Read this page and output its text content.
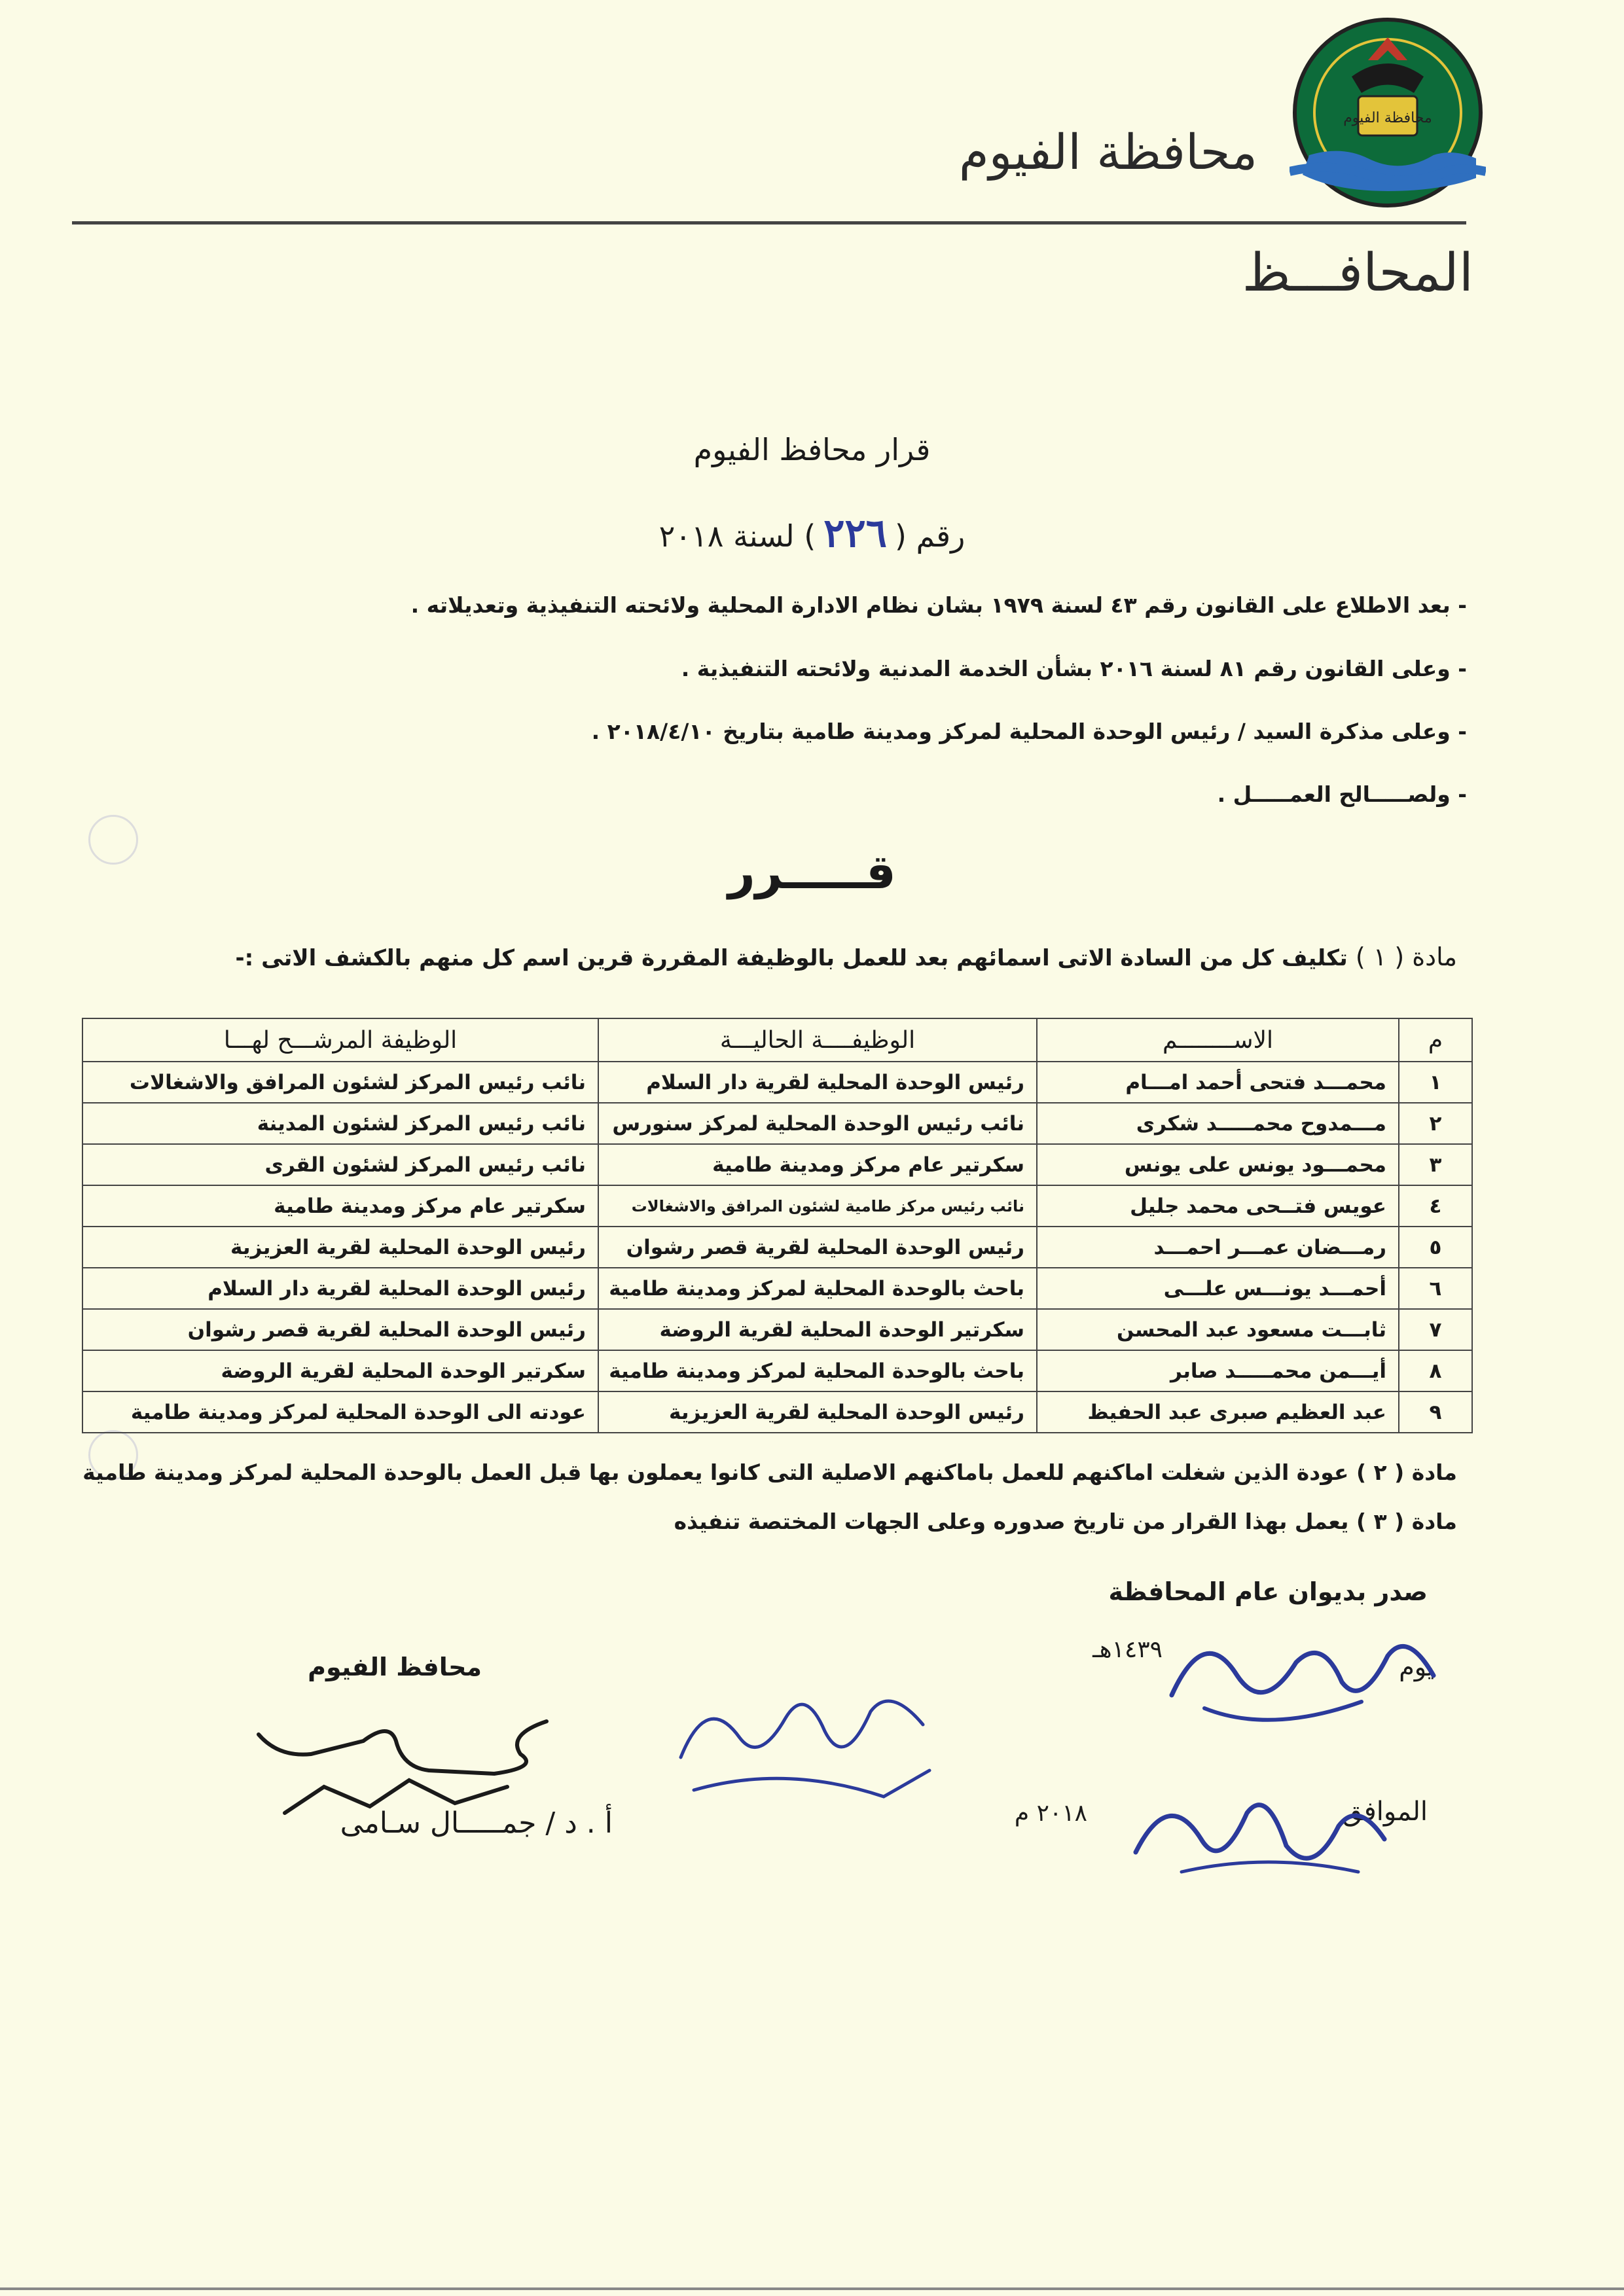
محافظة الفيوم
محافظة الفيوم
المحافـــظ
قرار محافظ الفيوم
رقم (٢٢٦) لسنة ٢٠١٨
- بعد الاطلاع على القانون رقم ٤٣ لسنة ١٩٧٩ بشان نظام الادارة المحلية ولائحته التنفيذية وتعديلاته .
- وعلى القانون رقم ٨١ لسنة ٢٠١٦ بشأن الخدمة المدنية ولائحته التنفيذية .
- وعلى مذكرة السيد / رئيس الوحدة المحلية لمركز ومدينة طامية بتاريخ ٢٠١٨/٤/١٠ .
- ولصـــــالح العمـــــل .
قـــــرر
مادة ( ١ ) تكليف كل من السادة الاتى اسمائهم بعد للعمل بالوظيفة المقررة قرين اسم كل منهم بالكشف الاتى :-
م	الاســــــــم	الوظيفــــة الحاليـــة	الوظيفة المرشـــح لهـــا
١	محمـــد فتحى أحمد امـــام	رئيس الوحدة المحلية لقرية دار السلام	نائب رئيس المركز لشئون المرافق والاشغالات
٢	مـــمدوح محمـــــد شكرى	نائب رئيس الوحدة المحلية لمركز سنورس	نائب رئيس المركز لشئون المدينة
٣	محمـــود يونس على يونس	سكرتير عام مركز ومدينة طامية	نائب رئيس المركز لشئون القرى
٤	عويس فتــحى محمد جليل	نائب رئيس مركز طامية لشئون المرافق والاشغالات	سكرتير عام مركز ومدينة طامية
٥	رمـــضان عمـــر احمـــد	رئيس الوحدة المحلية لقرية قصر رشوان	رئيس الوحدة المحلية لقرية العزيزية
٦	أحمـــد يونـــس علـــى	باحث بالوحدة المحلية لمركز ومدينة طامية	رئيس الوحدة المحلية لقرية دار السلام
٧	ثابـــت مسعود عبد المحسن	سكرتير الوحدة المحلية لقرية الروضة	رئيس الوحدة المحلية لقرية قصر رشوان
٨	أيـــمن محمـــــد صابر	باحث بالوحدة المحلية لمركز ومدينة طامية	سكرتير الوحدة المحلية لقرية الروضة
٩	عبد العظيم صبرى عبد الحفيظ	رئيس الوحدة المحلية لقرية العزيزية	عودته الى الوحدة المحلية لمركز ومدينة طامية
مادة ( ٢ ) عودة الذين شغلت اماكنهم للعمل باماكنهم الاصلية التى كانوا يعملون بها قبل العمل بالوحدة المحلية لمركز ومدينة طامية
مادة ( ٣ ) يعمل بهذا القرار من تاريخ صدوره وعلى الجهات المختصة تنفيذه
صدر بديوان عام المحافظة
يوم
١٤٣٩هـ
محافظ الفيوم
الموافق
٢٠١٨ م
أ . د / جمـــــال سـامى
